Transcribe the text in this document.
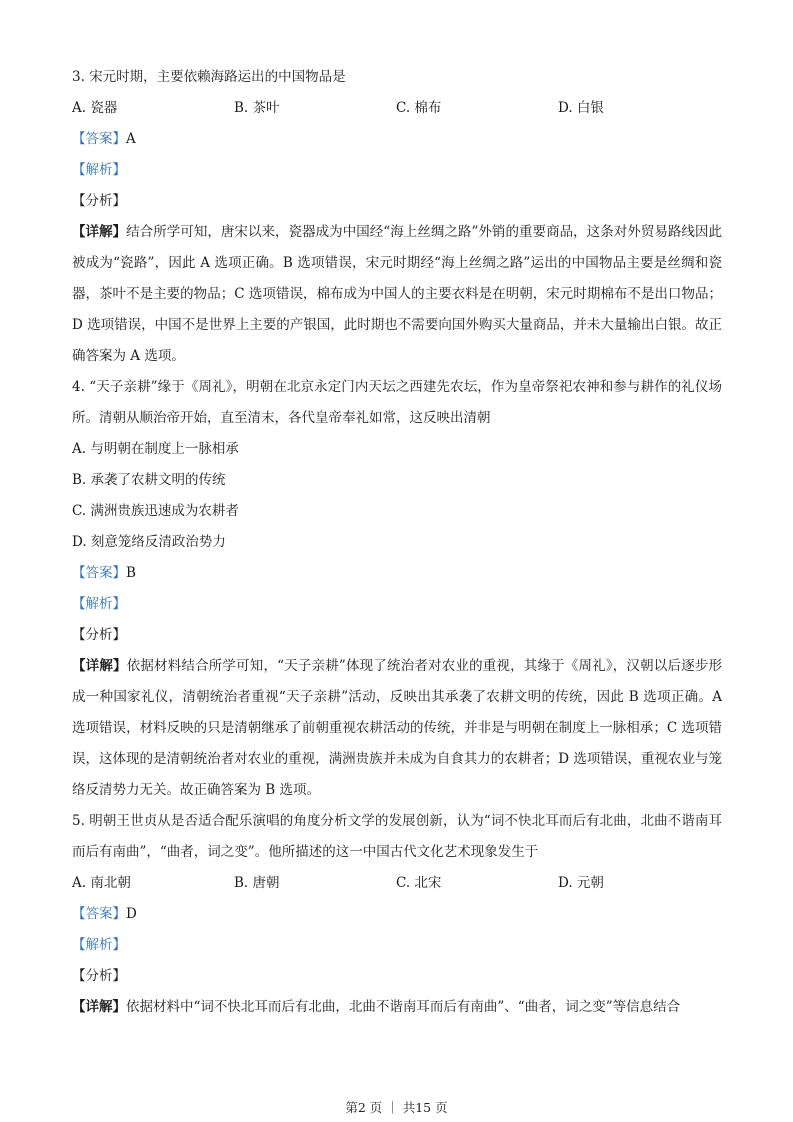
3. 宋元时期，主要依赖海路运出的中国物品是
A. 瓷器	B. 茶叶	C. 棉布	D. 白银
【答案】A
【解析】
【分析】

【详解】结合所学可知，唐宋以来，瓷器成为中国经“海上丝绸之路”外销的重要商品，这条对外贸易路线因此被成为“瓷路”，因此 A 选项正确。B 选项错误，宋元时期经“海上丝绸之路”运出的中国物品主要是丝绸和瓷器，茶叶不是主要的物品；C 选项错误，棉布成为中国人的主要衣料是在明朝，宋元时期棉布不是出口物品；D 选项错误，中国不是世界上主要的产银国，此时期也不需要向国外购买大量商品，并未大量输出白银。故正确答案为 A 选项。

4. “天子亲耕”缘于《周礼》，明朝在北京永定门内天坛之西建先农坛，作为皇帝祭祀农神和参与耕作的礼仪场所。清朝从顺治帝开始，直至清末，各代皇帝奉礼如常，这反映出清朝

A. 与明朝在制度上一脉相承
B. 承袭了农耕文明的传统
C. 满洲贵族迅速成为农耕者
D. 刻意笼络反清政治势力
【答案】B
【解析】
【分析】

【详解】依据材料结合所学可知，“天子亲耕”体现了统治者对农业的重视，其缘于《周礼》，汉朝以后逐步形成一种国家礼仪，清朝统治者重视“天子亲耕”活动，反映出其承袭了农耕文明的传统，因此 B 选项正确。A 选项错误，材料反映的只是清朝继承了前朝重视农耕活动的传统，并非是与明朝在制度上一脉相承；C 选项错误，这体现的是清朝统治者对农业的重视，满洲贵族并未成为自食其力的农耕者；D 选项错误，重视农业与笼络反清势力无关。故正确答案为 B 选项。

5. 明朝王世贞从是否适合配乐演唱的角度分析文学的发展创新，认为“词不快北耳而后有北曲，北曲不谐南耳而后有南曲”，“曲者，词之变”。他所描述的这一中国古代文化艺术现象发生于

A. 南北朝	B. 唐朝	C. 北宋	D. 元朝
【答案】D
【解析】
【分析】

【详解】依据材料中“词不快北耳而后有北曲，北曲不谐南耳而后有南曲”、“曲者，词之变”等信息结合

第2 页 ｜ 共15 页
